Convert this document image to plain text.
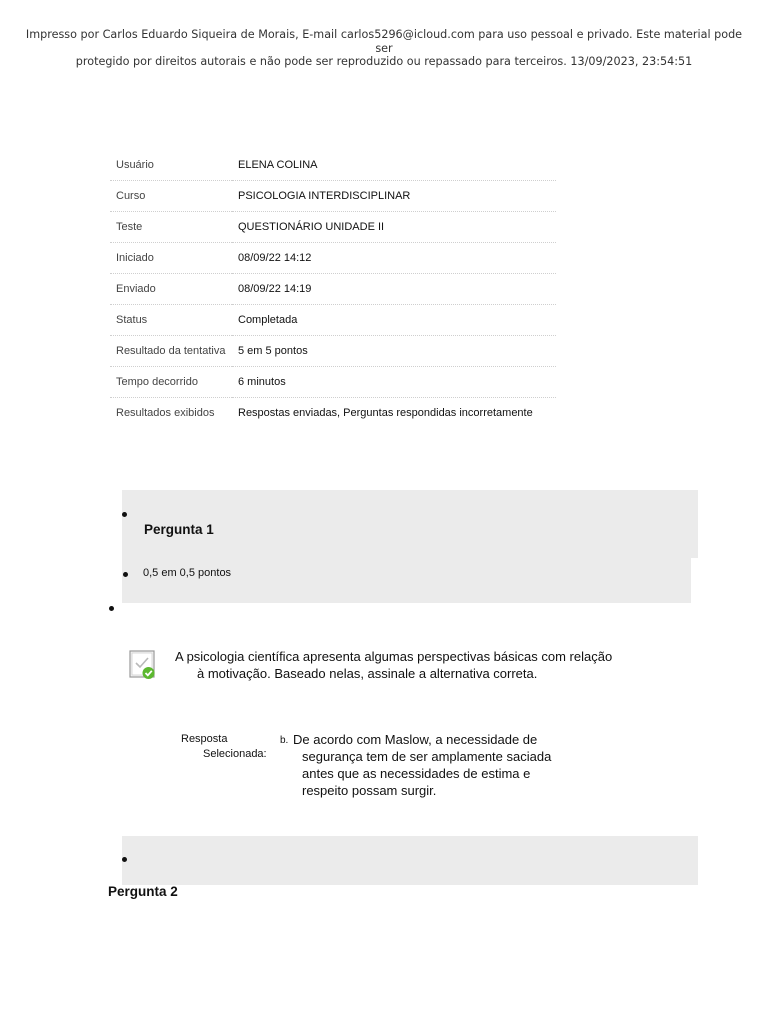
Impresso por Carlos Eduardo Siqueira de Morais, E-mail carlos5296@icloud.com para uso pessoal e privado. Este material pode ser
protegido por direitos autorais e não pode ser reproduzido ou repassado para terceiros. 13/09/2023, 23:54:51
Usuário	ELENA COLINA
Curso	PSICOLOGIA INTERDISCIPLINAR
Teste	QUESTIONÁRIO UNIDADE II
Iniciado	08/09/22 14:12
Enviado	08/09/22 14:19
Status	Completada
Resultado da tentativa	5 em 5 pontos
Tempo decorrido	6 minutos
Resultados exibidos	Respostas enviadas, Perguntas respondidas incorretamente
Pergunta 1
0,5 em 0,5 pontos
A psicologia científica apresenta algumas perspectivas básicas com relação à motivação. Baseado nelas, assinale a alternativa correta.
Resposta Selecionada:
b. De acordo com Maslow, a necessidade de segurança tem de ser amplamente saciada antes que as necessidades de estima e respeito possam surgir.
Pergunta 2
